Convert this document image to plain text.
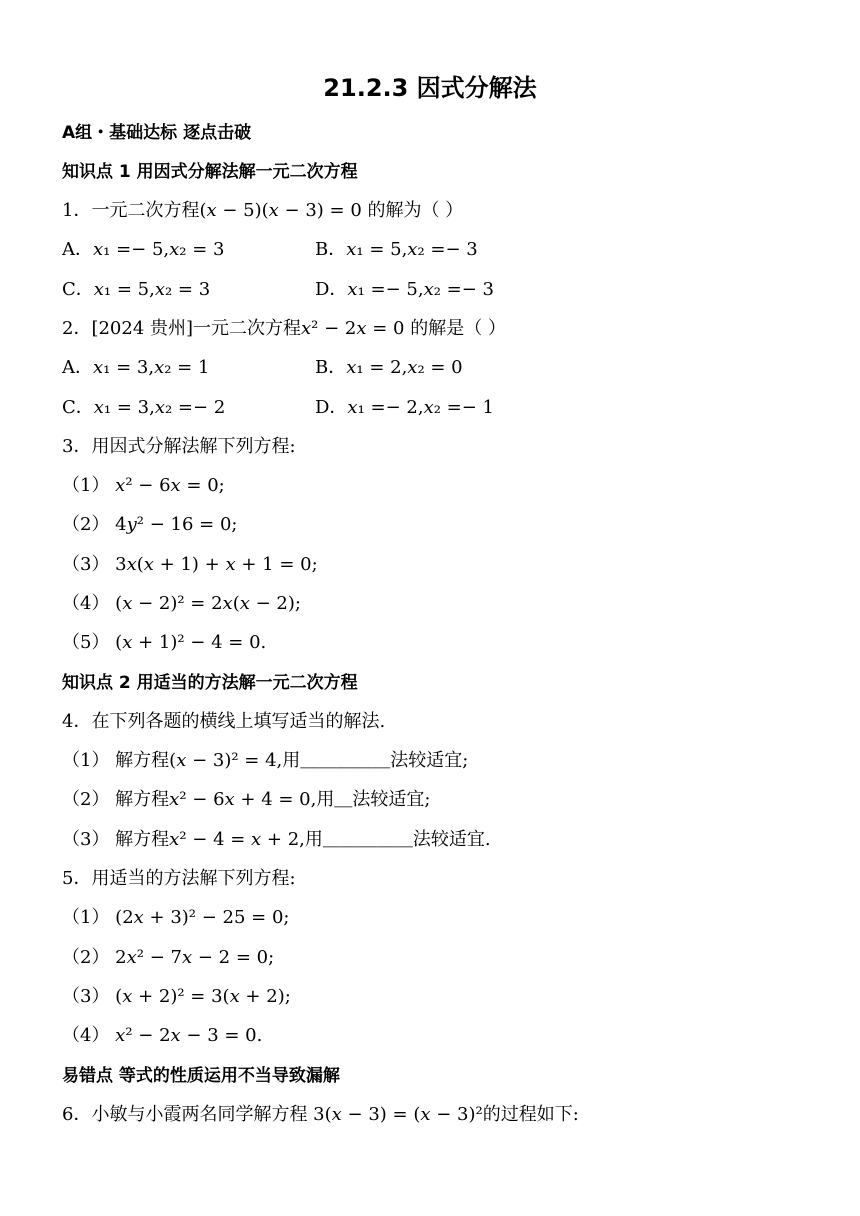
21.2.3 因式分解法
A组・基础达标 逐点击破
知识点 1 用因式分解法解一元二次方程
1．一元二次方程(𝑥 − 5)(𝑥 − 3) = 0 的解为（ ）
A．𝑥₁ =− 5,𝑥₂ = 3	B．𝑥₁ = 5,𝑥₂ =− 3
C．𝑥₁ = 5,𝑥₂ = 3	D．𝑥₁ =− 5,𝑥₂ =− 3
2．[2024 贵州]一元二次方程𝑥² − 2𝑥 = 0 的解是（ ）
A．𝑥₁ = 3,𝑥₂ = 1	B．𝑥₁ = 2,𝑥₂ = 0
C．𝑥₁ = 3,𝑥₂ =− 2	D．𝑥₁ =− 2,𝑥₂ =− 1
3．用因式分解法解下列方程:
（1） 𝑥² − 6𝑥 = 0;
（2） 4𝑦² − 16 = 0;
（3） 3𝑥(𝑥 + 1) + 𝑥 + 1 = 0;
（4） (𝑥 − 2)² = 2𝑥(𝑥 − 2);
（5） (𝑥 + 1)² − 4 = 0.
知识点 2 用适当的方法解一元二次方程
4．在下列各题的横线上填写适当的解法.
（1） 解方程(𝑥 − 3)² = 4,用＿＿＿＿＿法较适宜;
（2） 解方程𝑥² − 6𝑥 + 4 = 0,用＿法较适宜;
（3） 解方程𝑥² − 4 = 𝑥 + 2,用＿＿＿＿＿法较适宜.
5．用适当的方法解下列方程:
（1） (2𝑥 + 3)² − 25 = 0;
（2） 2𝑥² − 7𝑥 − 2 = 0;
（3） (𝑥 + 2)² = 3(𝑥 + 2);
（4） 𝑥² − 2𝑥 − 3 = 0.
易错点 等式的性质运用不当导致漏解
6．小敏与小霞两名同学解方程 3(𝑥 − 3) = (𝑥 − 3)²的过程如下:
